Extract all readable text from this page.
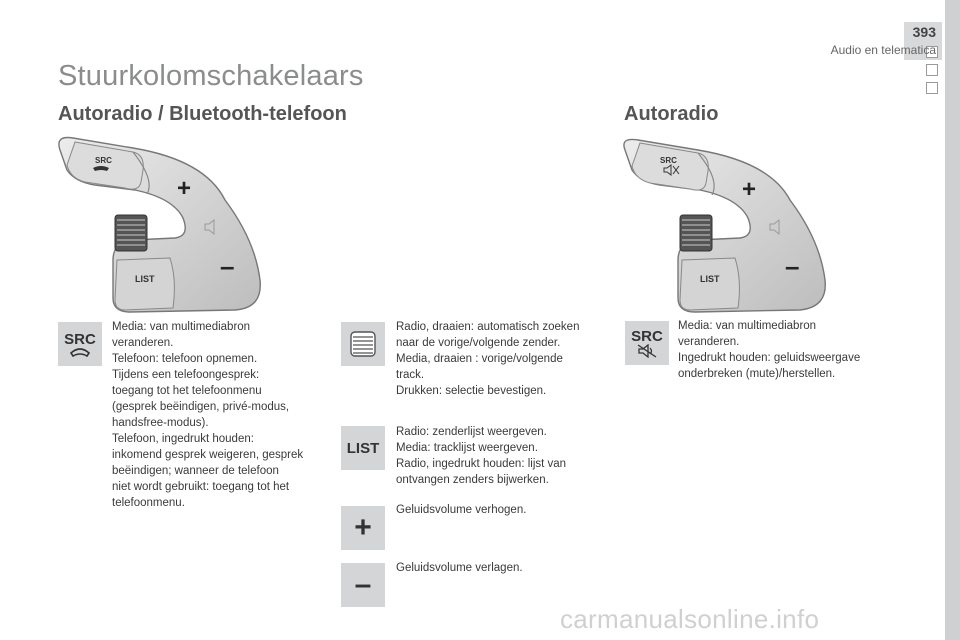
393
Audio en telematica
Stuurkolomschakelaars
Autoradio / Bluetooth-telefoon	Autoradio
SRC
+
–
LIST
SRC
+
–
LIST
SRC
Media: van multimediabron
veranderen.
Telefoon: telefoon opnemen.
Tijdens een telefoongesprek:
toegang tot het telefoonmenu
(gesprek beëindigen, privé-modus,
handsfree-modus).
Telefoon, ingedrukt houden:
inkomend gesprek weigeren, gesprek
beëindigen; wanneer de telefoon
niet wordt gebruikt: toegang tot het
telefoonmenu.
Radio, draaien: automatisch zoeken
naar de vorige/volgende zender.
Media, draaien : vorige/volgende
track.
Drukken: selectie bevestigen.
LIST
Radio: zenderlijst weergeven.
Media: tracklijst weergeven.
Radio, ingedrukt houden: lijst van
ontvangen zenders bijwerken.
+
Geluidsvolume verhogen.
– Geluidsvolume verlagen.
SRC
Media: van multimediabron
veranderen.
Ingedrukt houden: geluidsweergave
onderbreken (mute)/herstellen.
carmanualsonline.info
